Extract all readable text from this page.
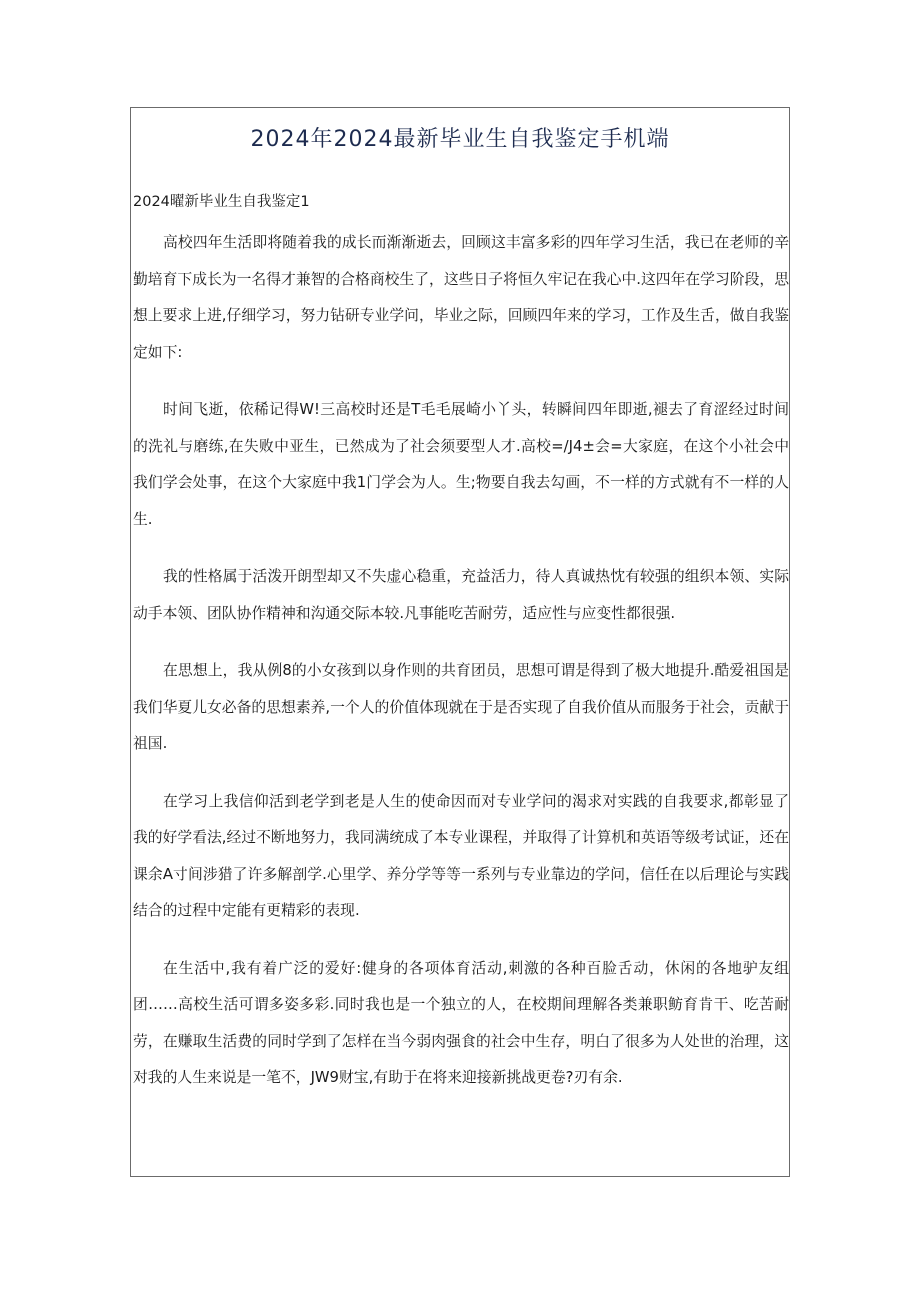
2024年2024最新毕业生自我鉴定手机端

2024曜新毕业生自我鉴定1

高校四年生活即将随着我的成长而渐渐逝去，回顾这丰富多彩的四年学习生活，我已在老师的辛勤培育下成长为一名得才兼智的合格商校生了，这些日子将恒久牢记在我心中.这四年在学习阶段，思想上要求上进,仔细学习，努力钻研专业学问，毕业之际，回顾四年来的学习，工作及生舌，做自我鉴定如下:

时间飞逝，依稀记得W!三高校时还是T毛毛展崎小丫头，转瞬间四年即逝,褪去了育涩经过时间的洗礼与磨练,在失败中亚生，已然成为了社会须要型人才.高校=/J4±会=大家庭，在这个小社会中我们学会处事，在这个大家庭中我1门学会为人。生;物要自我去勾画，不一样的方式就有不一样的人生.

我的性格属于活泼开朗型却又不失虚心稳重，充益活力，待人真诚热忱有较强的组织本领、实际动手本领、团队协作精神和沟通交际本较.凡事能吃苦耐劳，适应性与应变性都很强.

在思想上，我从例8的小女孩到以身作则的共育团员，思想可谓是得到了极大地提升.酷爱祖国是我们华夏儿女必备的思想素养,一个人的价值体现就在于是否实现了自我价值从而服务于社会，贡献于祖国.

在学习上我信仰活到老学到老是人生的使命因而对专业学问的渴求对实践的自我要求,都彰显了我的好学看法,经过不断地努力，我同满统成了本专业课程，并取得了计算机和英语等级考试证，还在课余A寸间涉猎了许多解剖学.心里学、养分学等等一系列与专业靠边的学问，信任在以后理论与实践结合的过程中定能有更精彩的表现.

在生活中,我有着广泛的爱好:健身的各项体育活动,刺激的各种百脸舌动，休闲的各地驴友组团……高校生活可谓多姿多彩.同时我也是一个独立的人，在校期间理解各类兼职鲂育肯干、吃苦耐劳，在赚取生活费的同时学到了怎样在当今弱肉强食的社会中生存，明白了很多为人处世的治理，这对我的人生来说是一笔不，JW9财宝,有助于在将来迎接新挑战更卷?刃有余.
